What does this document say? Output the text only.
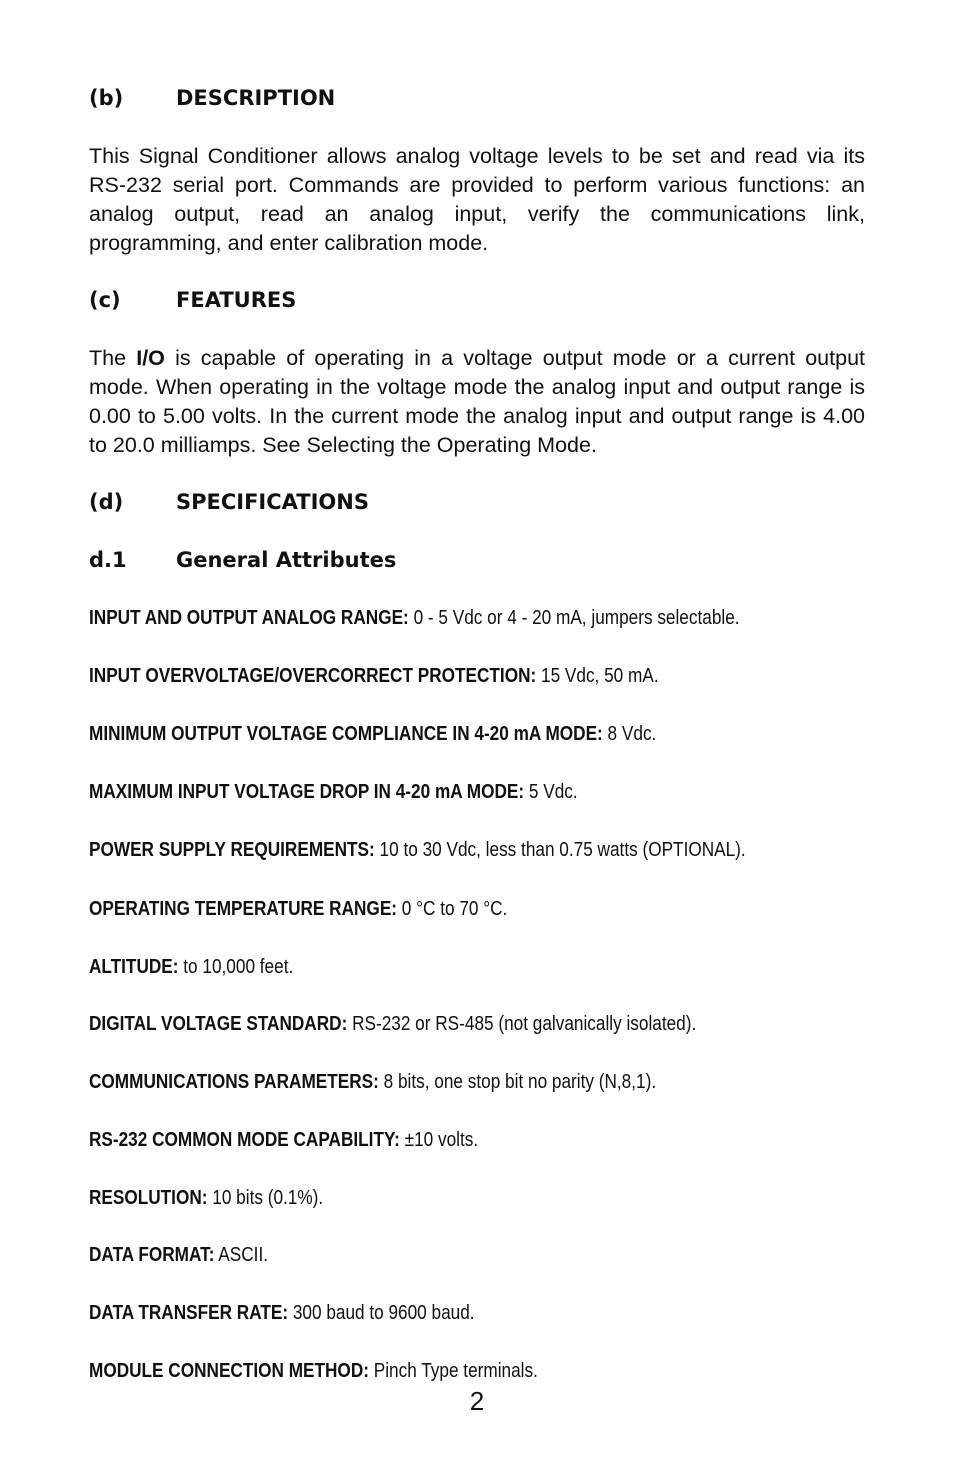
(b)	DESCRIPTION
This Signal Conditioner allows analog voltage levels to be set and read via its RS-232 serial port. Commands are provided to perform various functions: an analog output, read an analog input, verify the communications link, programming, and enter calibration mode.
(c)	FEATURES
The I/O is capable of operating in a voltage output mode or a current output mode. When operating in the voltage mode the analog input and output range is 0.00 to 5.00 volts. In the current mode the analog input and output range is 4.00 to 20.0 milliamps. See Selecting the Operating Mode.
(d)	SPECIFICATIONS
d.1 General Attributes
INPUT AND OUTPUT ANALOG RANGE: 0 - 5 Vdc or 4 - 20 mA, jumpers selectable.
INPUT OVERVOLTAGE/OVERCORRECT PROTECTION: 15 Vdc, 50 mA.
MINIMUM OUTPUT VOLTAGE COMPLIANCE IN 4-20 mA MODE: 8 Vdc.
MAXIMUM INPUT VOLTAGE DROP IN 4-20 mA MODE: 5 Vdc.
POWER SUPPLY REQUIREMENTS: 10 to 30 Vdc, less than 0.75 watts (OPTIONAL).
OPERATING TEMPERATURE RANGE: 0 °C to 70 °C.
ALTITUDE: to 10,000 feet.
DIGITAL VOLTAGE STANDARD: RS-232 or RS-485 (not galvanically isolated).
COMMUNICATIONS PARAMETERS: 8 bits, one stop bit no parity (N,8,1).
RS-232 COMMON MODE CAPABILITY: ±10 volts.
RESOLUTION: 10 bits (0.1%).
DATA FORMAT: ASCII.
DATA TRANSFER RATE: 300 baud to 9600 baud.
MODULE CONNECTION METHOD: Pinch Type terminals.
2
